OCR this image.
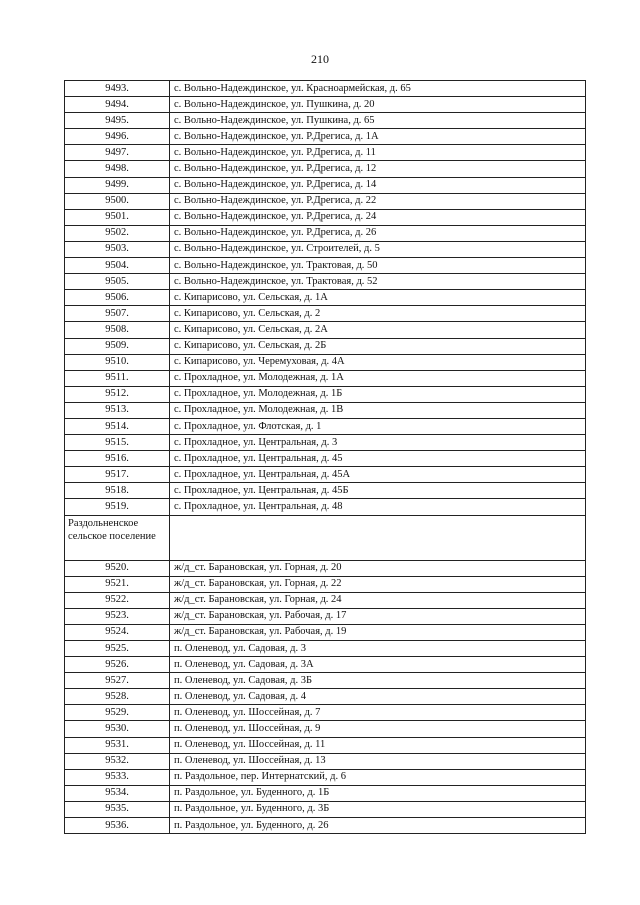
210
9493.	с. Вольно-Надеждинское, ул. Красноармейская, д. 65
9494.	с. Вольно-Надеждинское, ул. Пушкина, д. 20
9495.	с. Вольно-Надеждинское, ул. Пушкина, д. 65
9496.	с. Вольно-Надеждинское, ул. Р.Дрегиса, д. 1А
9497.	с. Вольно-Надеждинское, ул. Р.Дрегиса, д. 11
9498.	с. Вольно-Надеждинское, ул. Р.Дрегиса, д. 12
9499.	с. Вольно-Надеждинское, ул. Р.Дрегиса, д. 14
9500.	с. Вольно-Надеждинское, ул. Р.Дрегиса, д. 22
9501.	с. Вольно-Надеждинское, ул. Р.Дрегиса, д. 24
9502.	с. Вольно-Надеждинское, ул. Р.Дрегиса, д. 26
9503.	с. Вольно-Надеждинское, ул. Строителей, д. 5
9504.	с. Вольно-Надеждинское, ул. Трактовая, д. 50
9505.	с. Вольно-Надеждинское, ул. Трактовая, д. 52
9506.	с. Кипарисово, ул. Сельская, д. 1А
9507.	с. Кипарисово, ул. Сельская, д. 2
9508.	с. Кипарисово, ул. Сельская, д. 2А
9509.	с. Кипарисово, ул. Сельская, д. 2Б
9510.	с. Кипарисово, ул. Черемуховая, д. 4А
9511.	с. Прохладное, ул. Молодежная, д. 1А
9512.	с. Прохладное, ул. Молодежная, д. 1Б
9513.	с. Прохладное, ул. Молодежная, д. 1В
9514.	с. Прохладное, ул. Флотская, д. 1
9515.	с. Прохладное, ул. Центральная, д. 3
9516.	с. Прохладное, ул. Центральная, д. 45
9517.	с. Прохладное, ул. Центральная, д. 45А
9518.	с. Прохладное, ул. Центральная, д. 45Б
9519.	с. Прохладное, ул. Центральная, д. 48
Раздольненское сельское поселение	
9520.	ж/д_ст. Барановская, ул. Горная, д. 20
9521.	ж/д_ст. Барановская, ул. Горная, д. 22
9522.	ж/д_ст. Барановская, ул. Горная, д. 24
9523.	ж/д_ст. Барановская, ул. Рабочая, д. 17
9524.	ж/д_ст. Барановская, ул. Рабочая, д. 19
9525.	п. Оленевод, ул. Садовая, д. 3
9526.	п. Оленевод, ул. Садовая, д. 3А
9527.	п. Оленевод, ул. Садовая, д. 3Б
9528.	п. Оленевод, ул. Садовая, д. 4
9529.	п. Оленевод, ул. Шоссейная, д. 7
9530.	п. Оленевод, ул. Шоссейная, д. 9
9531.	п. Оленевод, ул. Шоссейная, д. 11
9532.	п. Оленевод, ул. Шоссейная, д. 13
9533.	п. Раздольное, пер. Интернатский, д. 6
9534.	п. Раздольное, ул. Буденного, д. 1Б
9535.	п. Раздольное, ул. Буденного, д. 3Б
9536.	п. Раздольное, ул. Буденного, д. 26
